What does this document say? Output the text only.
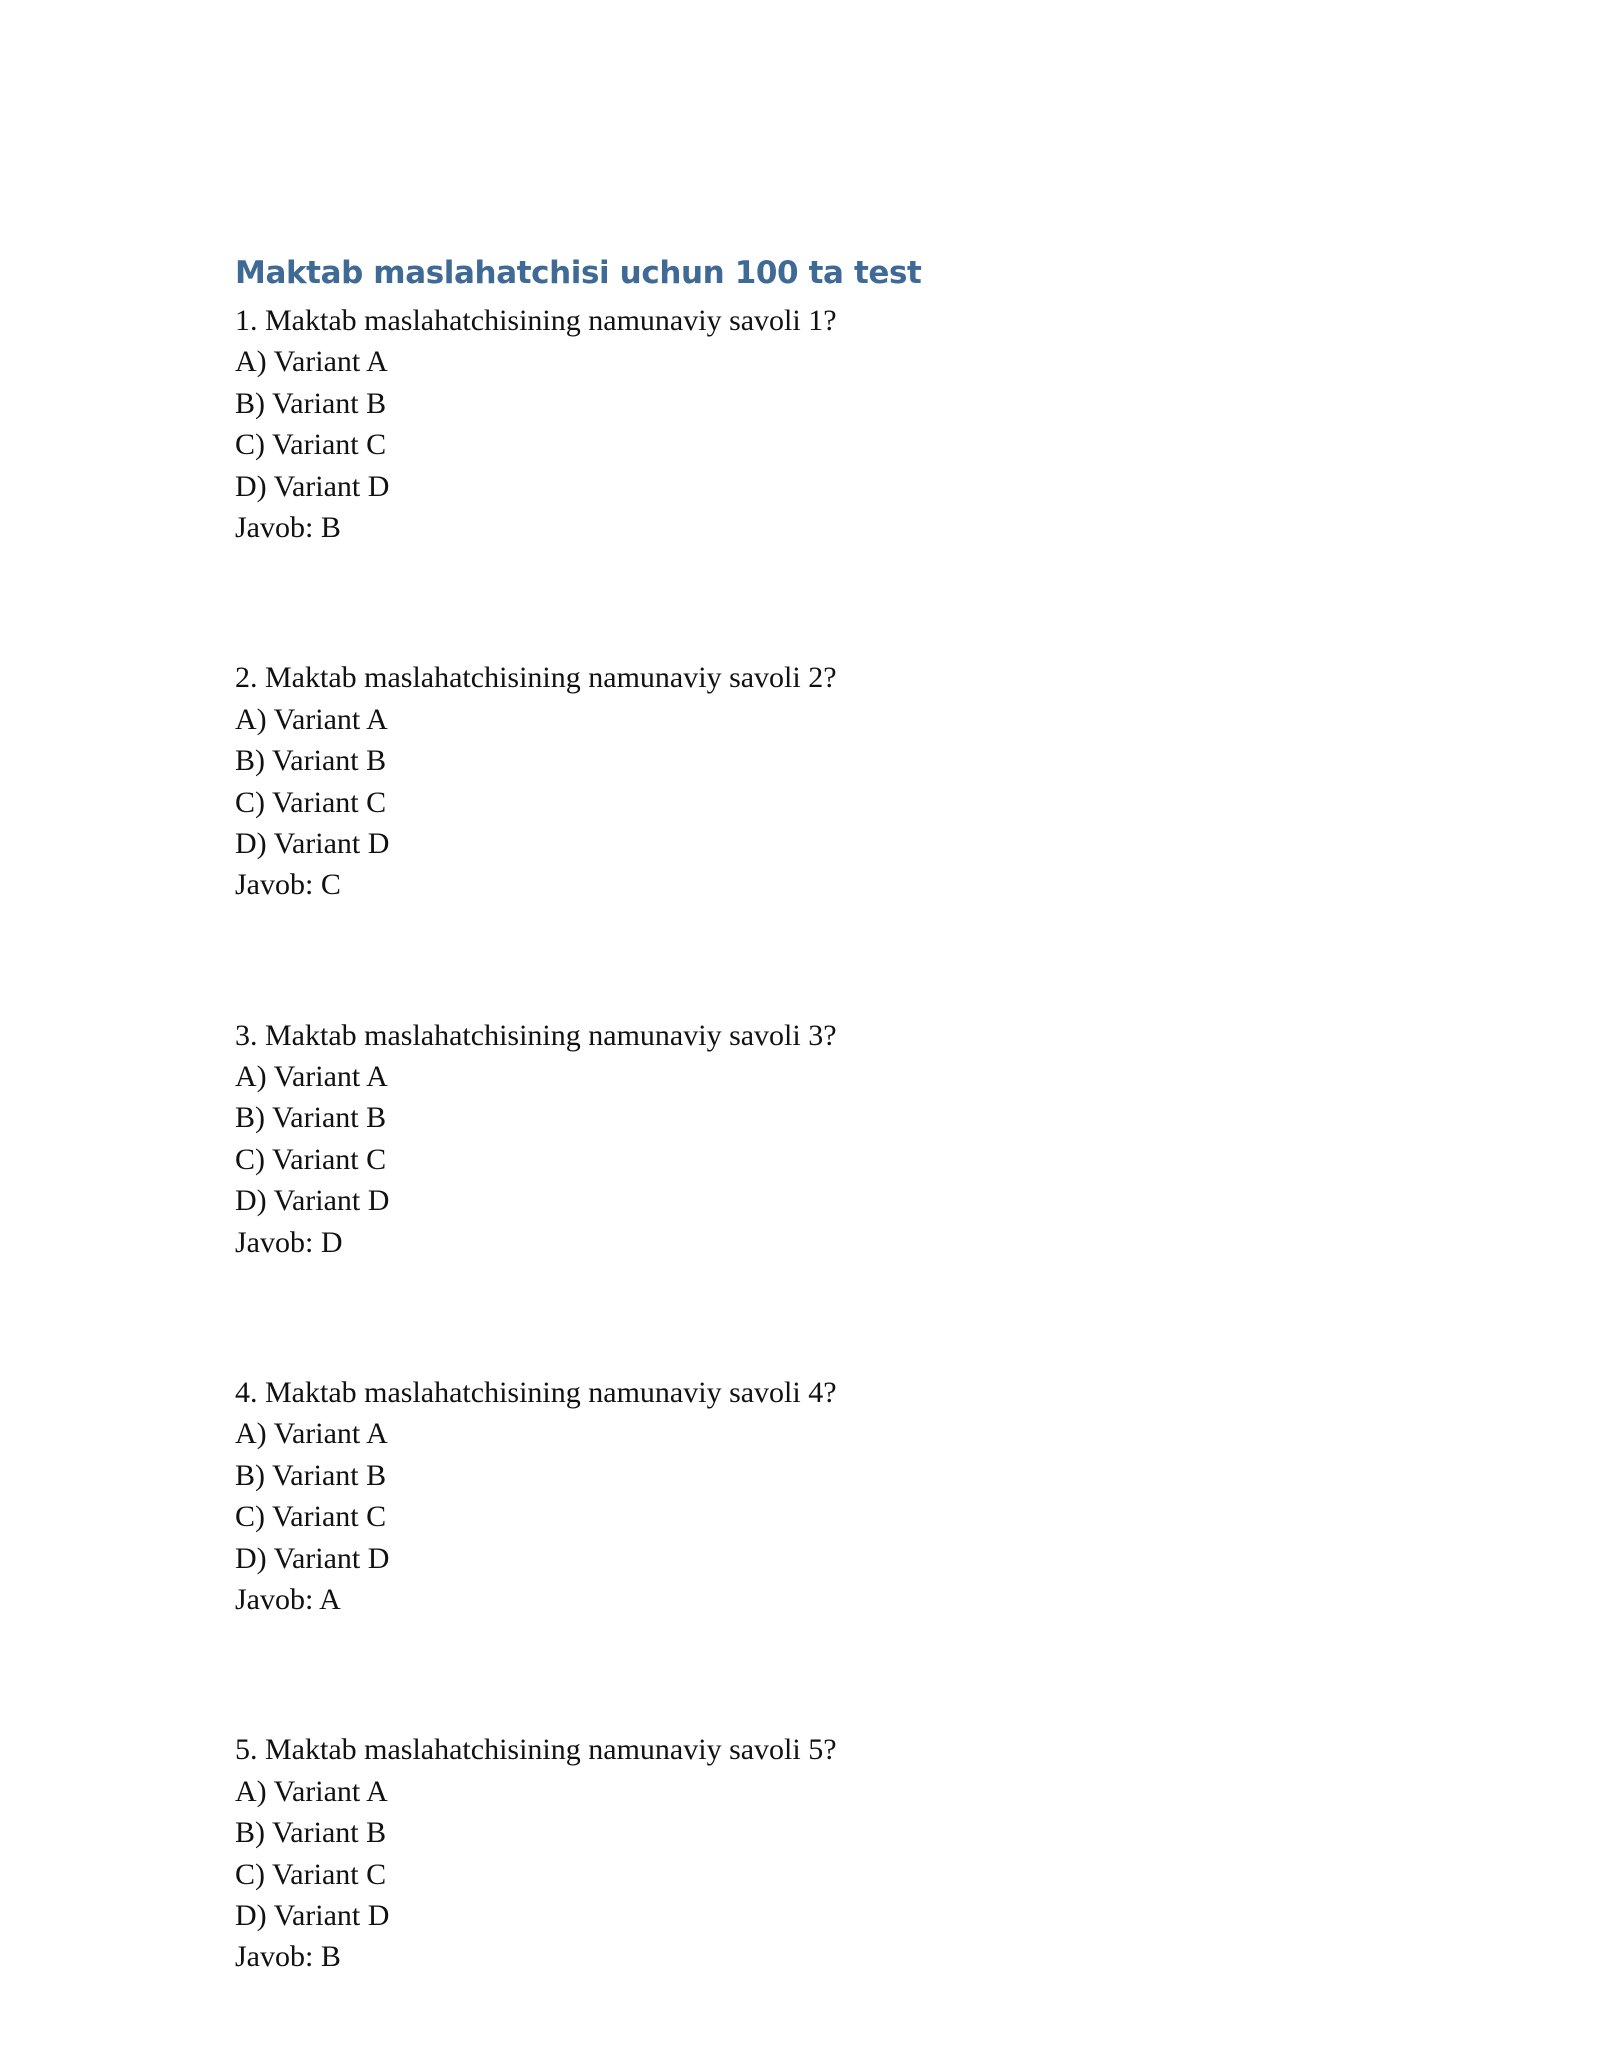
Maktab maslahatchisi uchun 100 ta test
1. Maktab maslahatchisining namunaviy savoli 1?
A) Variant A
B) Variant B
C) Variant C
D) Variant D
Javob: B
2. Maktab maslahatchisining namunaviy savoli 2?
A) Variant A
B) Variant B
C) Variant C
D) Variant D
Javob: C
3. Maktab maslahatchisining namunaviy savoli 3?
A) Variant A
B) Variant B
C) Variant C
D) Variant D
Javob: D
4. Maktab maslahatchisining namunaviy savoli 4?
A) Variant A
B) Variant B
C) Variant C
D) Variant D
Javob: A
5. Maktab maslahatchisining namunaviy savoli 5?
A) Variant A
B) Variant B
C) Variant C
D) Variant D
Javob: B
